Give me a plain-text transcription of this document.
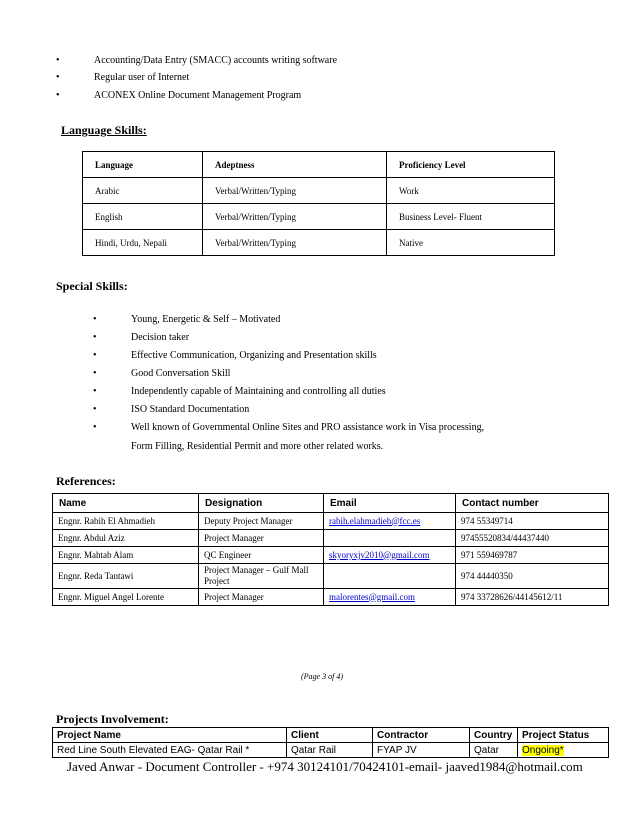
•	Accounting/Data Entry (SMACC) accounts writing software
•	Regular user of Internet
•	ACONEX Online Document Management Program
Language Skills:
Language	Adeptness	Proficiency Level
Arabic	Verbal/Written/Typing	Work
English	Verbal/Written/Typing	Business Level- Fluent
Hindi, Urdu, Nepali	Verbal/Written/Typing	Native
Special Skills:
•	Young, Energetic & Self – Motivated
•	Decision taker
•	Effective Communication, Organizing and Presentation skills
•	Good Conversation Skill
•	Independently capable of Maintaining and controlling all duties
•	ISO Standard Documentation
•	Well known of Governmental Online Sites and PRO assistance work in Visa processing,
Form Filling, Residential Permit and more other related works.
References:
Name	Designation	Email	Contact number
Engnr. Rabih El Ahmadieh	Deputy Project Manager	rabih.elahmadieh@fcc.es	974 55349714
Engnr. Abdul Aziz	Project Manager		97455520834/44437440
Engnr. Mahtab Alam	QC Engineer	skyoryxjv2010@gmail.com	971 559469787
Engnr. Reda Tantawi	Project Manager – Gulf Mall Project		974 44440350
Engnr. Miguel Angel Lorente	Project Manager	malorentes@gmail.com	974 33728626/44145612/11
(Page 3 of 4)
Projects Involvement:
Project Name	Client	Contractor	Country	Project Status
Red Line South Elevated EAG- Qatar Rail *	Qatar Rail	FYAP JV	Qatar	Ongoing*
Javed Anwar - Document Controller - +974 30124101/70424101-email- jaaved1984@hotmail.com
